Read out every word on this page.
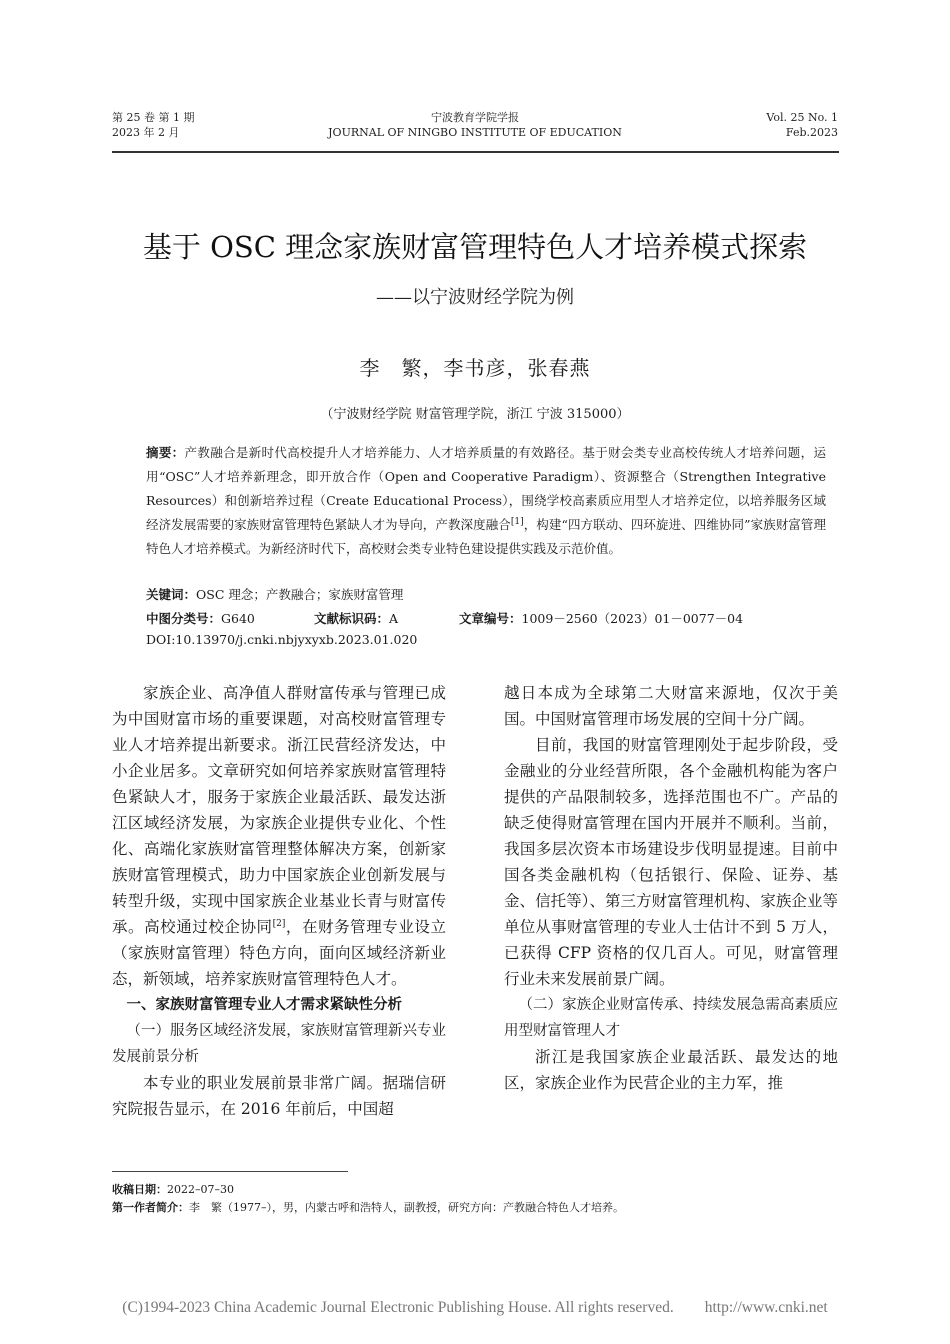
第 25 卷 第 1 期
2023 年 2 月
宁波教育学院学报
JOURNAL OF NINGBO INSTITUTE OF EDUCATION
Vol. 25 No. 1
Feb.2023
基于 OSC 理念家族财富管理特色人才培养模式探索
——以宁波财经学院为例
李　繁，李书彦，张春燕
（宁波财经学院 财富管理学院，浙江 宁波 315000）
摘要：产教融合是新时代高校提升人才培养能力、人才培养质量的有效路径。基于财会类专业高校传统人才培养问题，运用“OSC”人才培养新理念，即开放合作（Open and Cooperative Paradigm）、资源整合（Strengthen Integrative Resources）和创新培养过程（Create Educational Process），围绕学校高素质应用型人才培养定位，以培养服务区域经济发展需要的家族财富管理特色紧缺人才为导向，产教深度融合[1]，构建“四方联动、四环旋进、四维协同”家族财富管理特色人才培养模式。为新经济时代下，高校财会类专业特色建设提供实践及示范价值。
关键词：OSC 理念；产教融合；家族财富管理
中图分类号：G640	文献标识码：A	文章编号：1009－2560（2023）01－0077－04
DOI:10.13970/j.cnki.nbjyxyxb.2023.01.020

家族企业、高净值人群财富传承与管理已成为中国财富市场的重要课题，对高校财富管理专业人才培养提出新要求。浙江民营经济发达，中小企业居多。文章研究如何培养家族财富管理特色紧缺人才，服务于家族企业最活跃、最发达浙江区域经济发展，为家族企业提供专业化、个性化、高端化家族财富管理整体解决方案，创新家族财富管理模式，助力中国家族企业创新发展与转型升级，实现中国家族企业基业长青与财富传承。高校通过校企协同[2]，在财务管理专业设立（家族财富管理）特色方向，面向区域经济新业态，新领域，培养家族财富管理特色人才。

一、家族财富管理专业人才需求紧缺性分析

（一）服务区域经济发展，家族财富管理新兴专业发展前景分析

本专业的职业发展前景非常广阔。据瑞信研究院报告显示，在 2016 年前后，中国超

越日本成为全球第二大财富来源地，仅次于美国。中国财富管理市场发展的空间十分广阔。

目前，我国的财富管理刚处于起步阶段，受金融业的分业经营所限，各个金融机构能为客户提供的产品限制较多，选择范围也不广。产品的缺乏使得财富管理在国内开展并不顺利。当前，我国多层次资本市场建设步伐明显提速。目前中国各类金融机构（包括银行、保险、证券、基金、信托等）、第三方财富管理机构、家族企业等单位从事财富管理的专业人士估计不到 5 万人，已获得 CFP 资格的仅几百人。可见，财富管理行业未来发展前景广阔。

（二）家族企业财富传承、持续发展急需高素质应用型财富管理人才

浙江是我国家族企业最活跃、最发达的地区，家族企业作为民营企业的主力军，推

收稿日期：2022–07–30
第一作者简介：李　繁（1977–），男，内蒙古呼和浩特人，副教授，研究方向：产教融合特色人才培养。
(C)1994-2023 China Academic Journal Electronic Publishing House. All rights reserved.　　http://www.cnki.net
